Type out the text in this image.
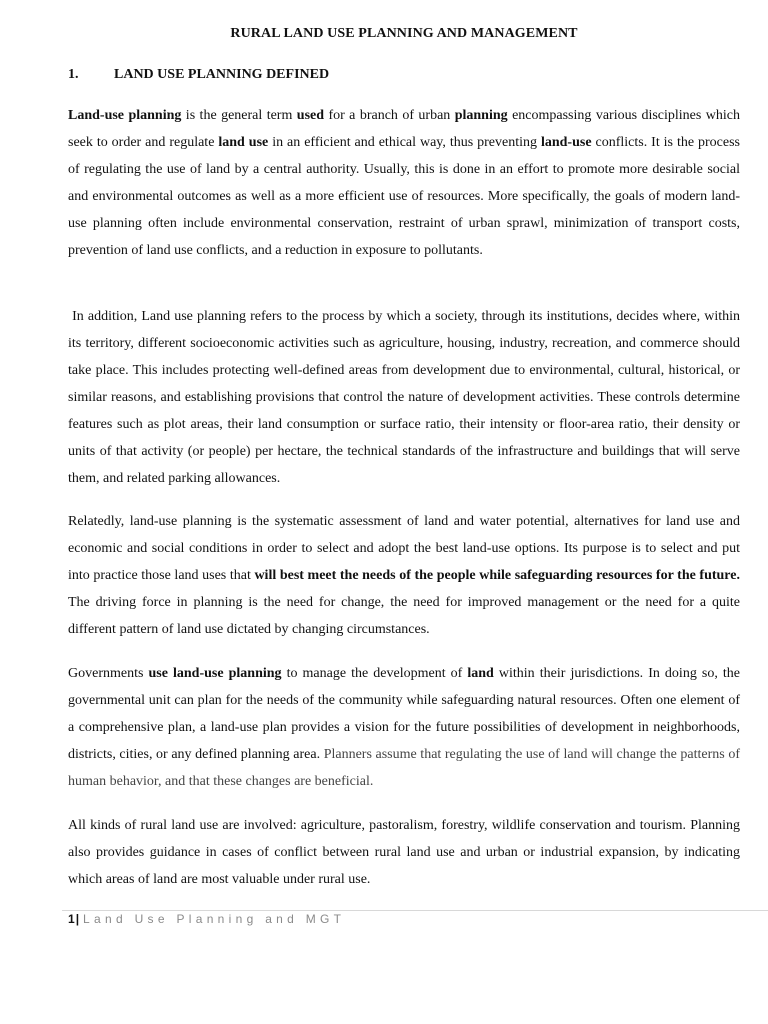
RURAL LAND USE PLANNING AND MANAGEMENT
1.	LAND USE PLANNING DEFINED
Land-use planning is the general term used for a branch of urban planning encompassing various disciplines which seek to order and regulate land use in an efficient and ethical way, thus preventing land-use conflicts. It is the process of regulating the use of land by a central authority. Usually, this is done in an effort to promote more desirable social and environmental outcomes as well as a more efficient use of resources. More specifically, the goals of modern land-use planning often include environmental conservation, restraint of urban sprawl, minimization of transport costs, prevention of land use conflicts, and a reduction in exposure to pollutants.
In addition, Land use planning refers to the process by which a society, through its institutions, decides where, within its territory, different socioeconomic activities such as agriculture, housing, industry, recreation, and commerce should take place. This includes protecting well-defined areas from development due to environmental, cultural, historical, or similar reasons, and establishing provisions that control the nature of development activities. These controls determine features such as plot areas, their land consumption or surface ratio, their intensity or floor-area ratio, their density or units of that activity (or people) per hectare, the technical standards of the infrastructure and buildings that will serve them, and related parking allowances.
Relatedly, land-use planning is the systematic assessment of land and water potential, alternatives for land use and economic and social conditions in order to select and adopt the best land-use options. Its purpose is to select and put into practice those land uses that will best meet the needs of the people while safeguarding resources for the future. The driving force in planning is the need for change, the need for improved management or the need for a quite different pattern of land use dictated by changing circumstances.
Governments use land-use planning to manage the development of land within their jurisdictions. In doing so, the governmental unit can plan for the needs of the community while safeguarding natural resources. Often one element of a comprehensive plan, a land-use plan provides a vision for the future possibilities of development in neighborhoods, districts, cities, or any defined planning area. Planners assume that regulating the use of land will change the patterns of human behavior, and that these changes are beneficial.
All kinds of rural land use are involved: agriculture, pastoralism, forestry, wildlife conservation and tourism. Planning also provides guidance in cases of conflict between rural land use and urban or industrial expansion, by indicating which areas of land are most valuable under rural use.
1| Land Use Planning and MGT
